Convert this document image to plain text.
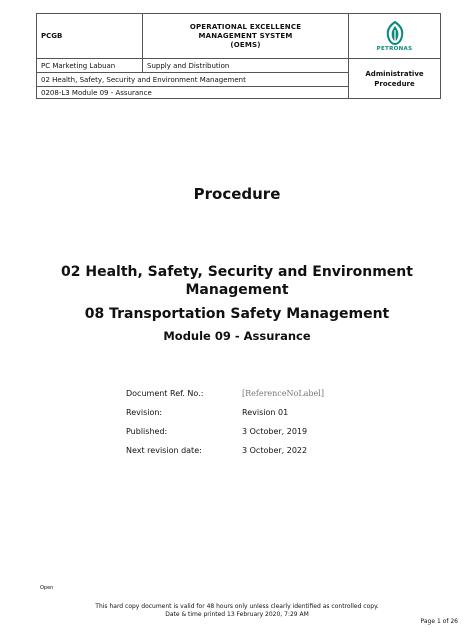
PCGB	OPERATIONAL EXCELLENCE
MANAGEMENT SYSTEM
(OEMS)	PETRONAS

PC Marketing Labuan	Supply and Distribution	Administrative
Procedure

02 Health, Safety, Security and Environment Management		
0208-L3 Module 09 - Assurance		
Procedure
02 Health, Safety, Security and Environment
Management
08 Transportation Safety Management
Module 09 - Assurance
Document Ref. No.:	[ReferenceNoLabel]
Revision:	Revision 01
Published:	3 October, 2019
Next revision date:	3 October, 2022
Open
This hard copy document is valid for 48 hours only unless clearly identified as controlled copy.
Date & time printed 13 February 2020, 7:29 AM
Page 1 of 26
